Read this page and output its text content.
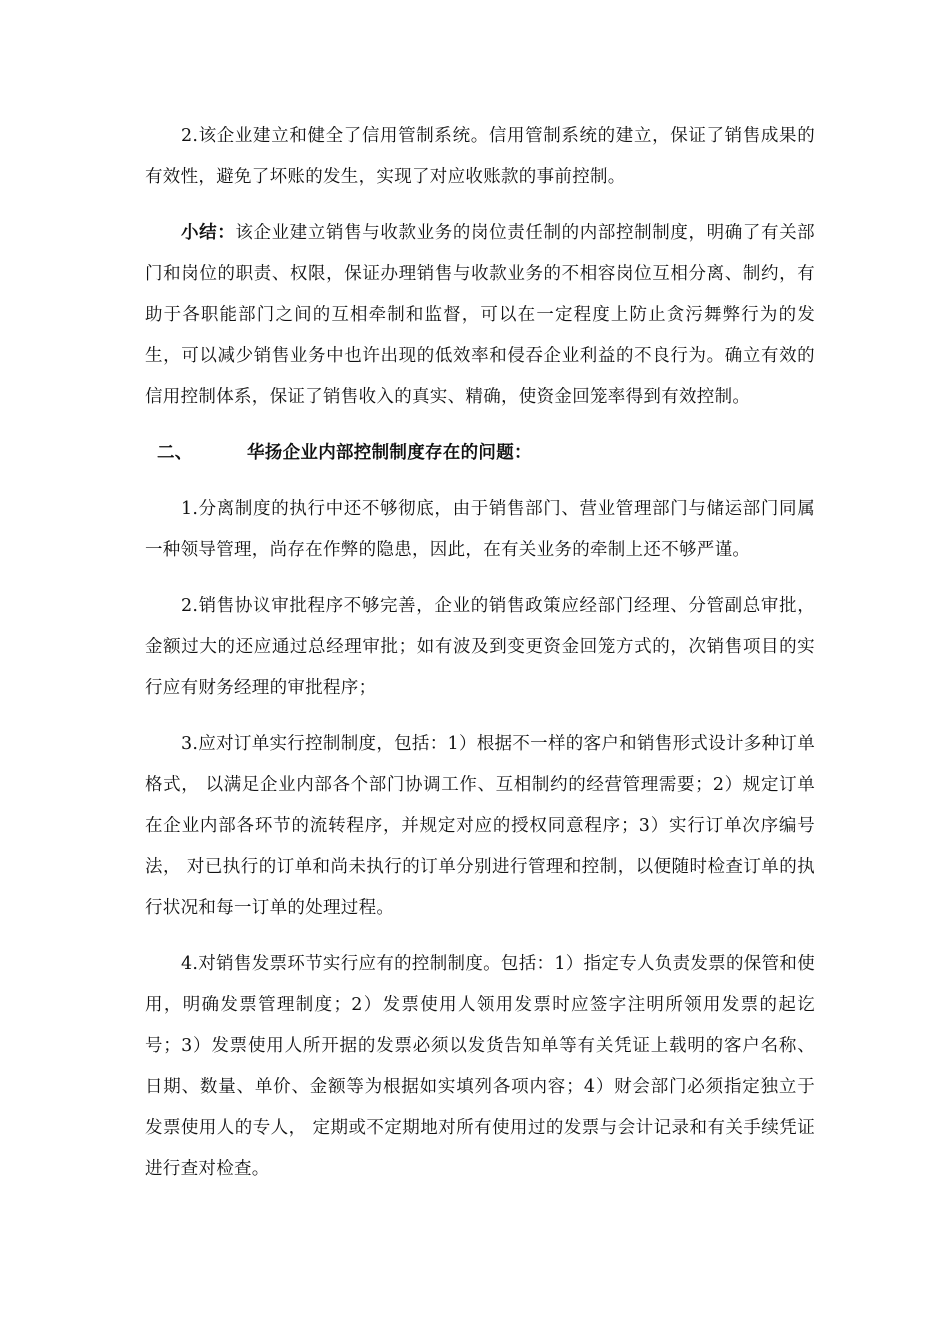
2.该企业建立和健全了信用管制系统。信用管制系统的建立，保证了销售成果的有效性，避免了坏账的发生，实现了对应收账款的事前控制。

小结：该企业建立销售与收款业务的岗位责任制的内部控制制度，明确了有关部门和岗位的职责、权限，保证办理销售与收款业务的不相容岗位互相分离、制约，有助于各职能部门之间的互相牵制和监督，可以在一定程度上防止贪污舞弊行为的发生，可以减少销售业务中也许出现的低效率和侵吞企业利益的不良行为。确立有效的信用控制体系，保证了销售收入的真实、精确，使资金回笼率得到有效控制。

二、	华扬企业内部控制制度存在的问题：

1.分离制度的执行中还不够彻底，由于销售部门、营业管理部门与储运部门同属一种领导管理，尚存在作弊的隐患，因此，在有关业务的牵制上还不够严谨。

2.销售协议审批程序不够完善，企业的销售政策应经部门经理、分管副总审批，金额过大的还应通过总经理审批；如有波及到变更资金回笼方式的，次销售项目的实行应有财务经理的审批程序；

3.应对订单实行控制制度，包括：1）根据不一样的客户和销售形式设计多种订单格式， 以满足企业内部各个部门协调工作、互相制约的经营管理需要；2）规定订单在企业内部各环节的流转程序，并规定对应的授权同意程序；3）实行订单次序编号法， 对已执行的订单和尚未执行的订单分别进行管理和控制，以便随时检查订单的执行状况和每一订单的处理过程。

4.对销售发票环节实行应有的控制制度。包括：1）指定专人负责发票的保管和使用，明确发票管理制度；2）发票使用人领用发票时应签字注明所领用发票的起讫号；3）发票使用人所开据的发票必须以发货告知单等有关凭证上载明的客户名称、日期、数量、单价、金额等为根据如实填列各项内容；4）财会部门必须指定独立于发票使用人的专人， 定期或不定期地对所有使用过的发票与会计记录和有关手续凭证进行查对检查。
